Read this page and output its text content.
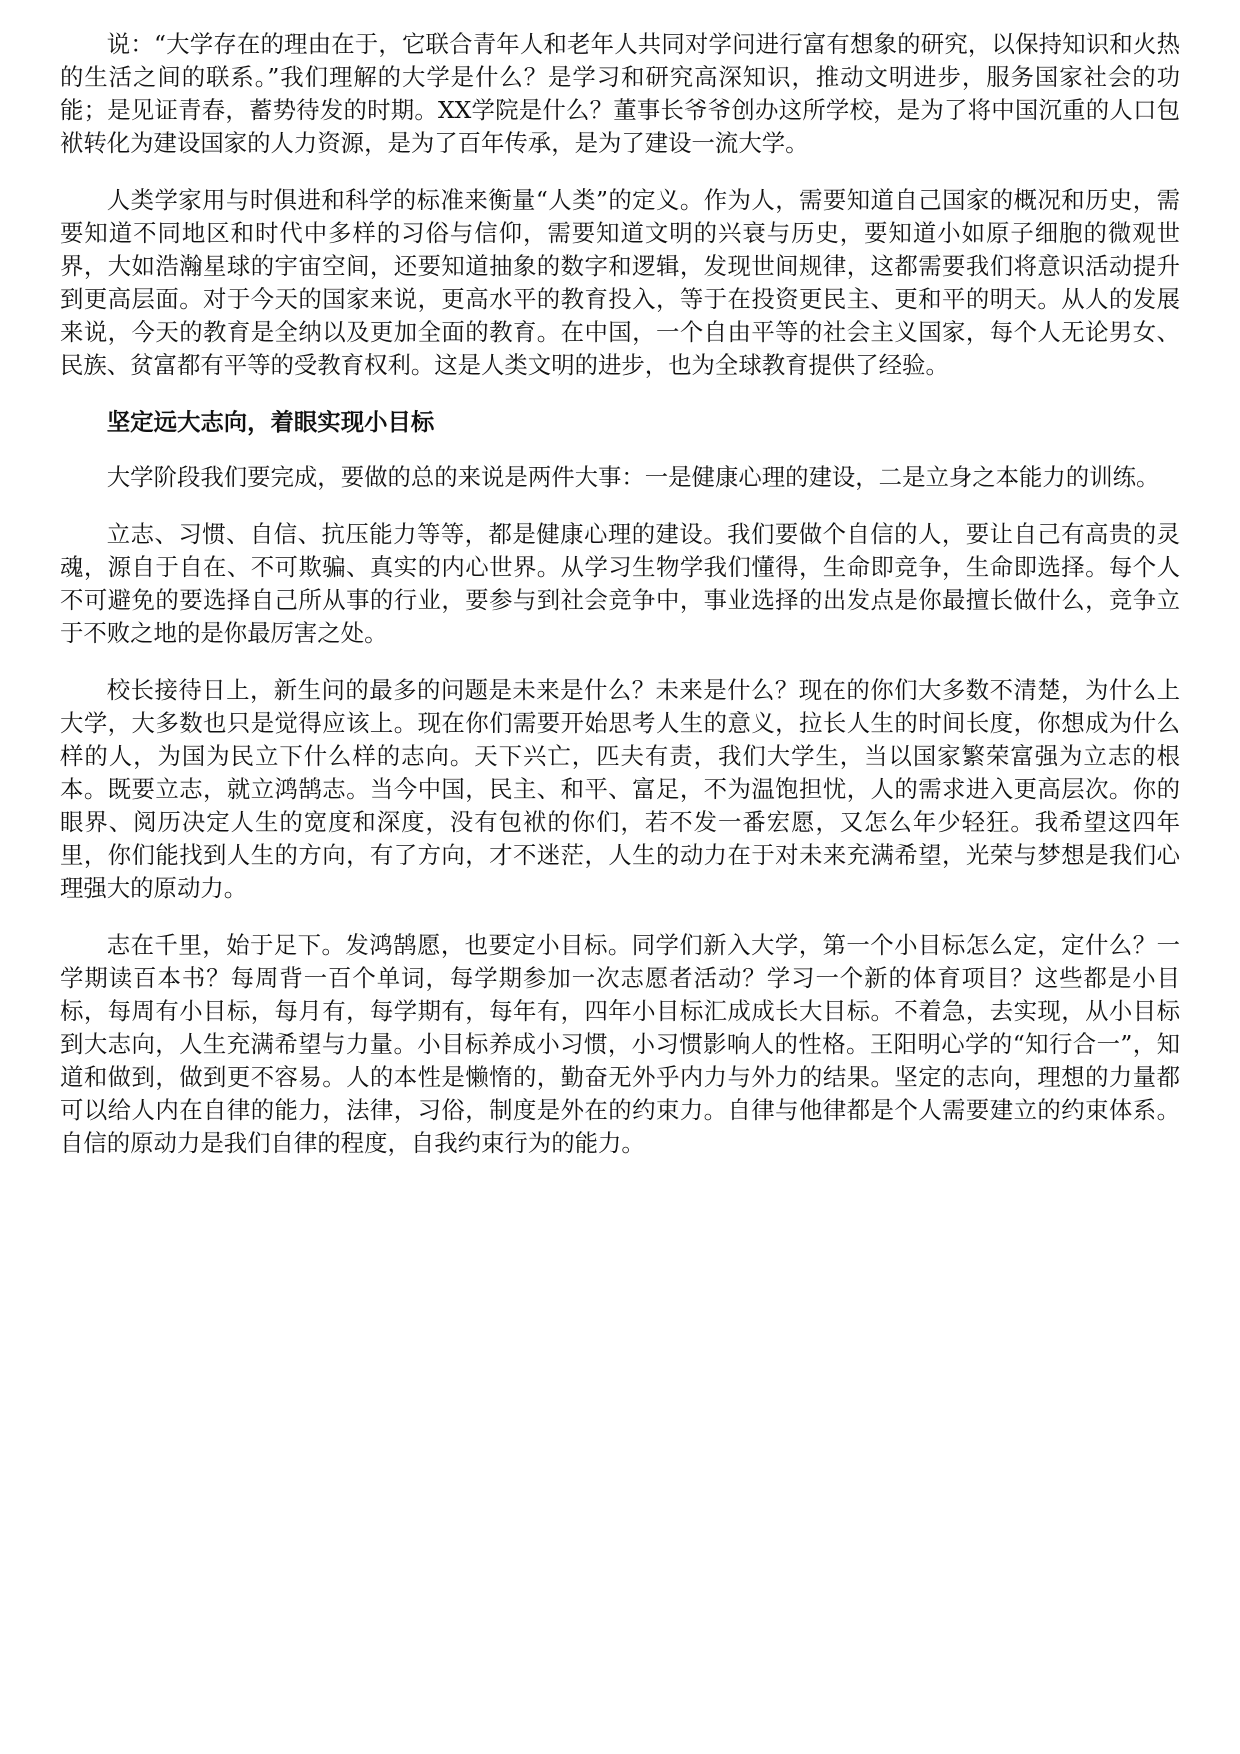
说：“大学存在的理由在于，它联合青年人和老年人共同对学问进行富有想象的研究，以保持知识和火热的生活之间的联系。”我们理解的大学是什么？是学习和研究高深知识，推动文明进步，服务国家社会的功能；是见证青春，蓄势待发的时期。XX学院是什么？董事长爷爷创办这所学校，是为了将中国沉重的人口包袱转化为建设国家的人力资源，是为了百年传承，是为了建设一流大学。

人类学家用与时俱进和科学的标准来衡量“人类”的定义。作为人，需要知道自己国家的概况和历史，需要知道不同地区和时代中多样的习俗与信仰，需要知道文明的兴衰与历史，要知道小如原子细胞的微观世界，大如浩瀚星球的宇宙空间，还要知道抽象的数字和逻辑，发现世间规律，这都需要我们将意识活动提升到更高层面。对于今天的国家来说，更高水平的教育投入，等于在投资更民主、更和平的明天。从人的发展来说，今天的教育是全纳以及更加全面的教育。在中国，一个自由平等的社会主义国家，每个人无论男女、民族、贫富都有平等的受教育权利。这是人类文明的进步，也为全球教育提供了经验。

坚定远大志向，着眼实现小目标

大学阶段我们要完成，要做的总的来说是两件大事：一是健康心理的建设，二是立身之本能力的训练。

立志、习惯、自信、抗压能力等等，都是健康心理的建设。我们要做个自信的人，要让自己有高贵的灵魂，源自于自在、不可欺骗、真实的内心世界。从学习生物学我们懂得，生命即竞争，生命即选择。每个人不可避免的要选择自己所从事的行业，要参与到社会竞争中，事业选择的出发点是你最擅长做什么，竞争立于不败之地的是你最厉害之处。

校长接待日上，新生问的最多的问题是未来是什么？未来是什么？现在的你们大多数不清楚，为什么上大学，大多数也只是觉得应该上。现在你们需要开始思考人生的意义，拉长人生的时间长度，你想成为什么样的人，为国为民立下什么样的志向。天下兴亡，匹夫有责，我们大学生，当以国家繁荣富强为立志的根本。既要立志，就立鸿鹄志。当今中国，民主、和平、富足，不为温饱担忧，人的需求进入更高层次。你的眼界、阅历决定人生的宽度和深度，没有包袱的你们，若不发一番宏愿，又怎么年少轻狂。我希望这四年里，你们能找到人生的方向，有了方向，才不迷茫，人生的动力在于对未来充满希望，光荣与梦想是我们心理强大的原动力。

志在千里，始于足下。发鸿鹄愿，也要定小目标。同学们新入大学，第一个小目标怎么定，定什么？一学期读百本书？每周背一百个单词，每学期参加一次志愿者活动？学习一个新的体育项目？这些都是小目标，每周有小目标，每月有，每学期有，每年有，四年小目标汇成成长大目标。不着急，去实现，从小目标到大志向，人生充满希望与力量。小目标养成小习惯，小习惯影响人的性格。王阳明心学的“知行合一”，知道和做到，做到更不容易。人的本性是懒惰的，勤奋无外乎内力与外力的结果。坚定的志向，理想的力量都可以给人内在自律的能力，法律，习俗，制度是外在的约束力。自律与他律都是个人需要建立的约束体系。自信的原动力是我们自律的程度，自我约束行为的能力。
